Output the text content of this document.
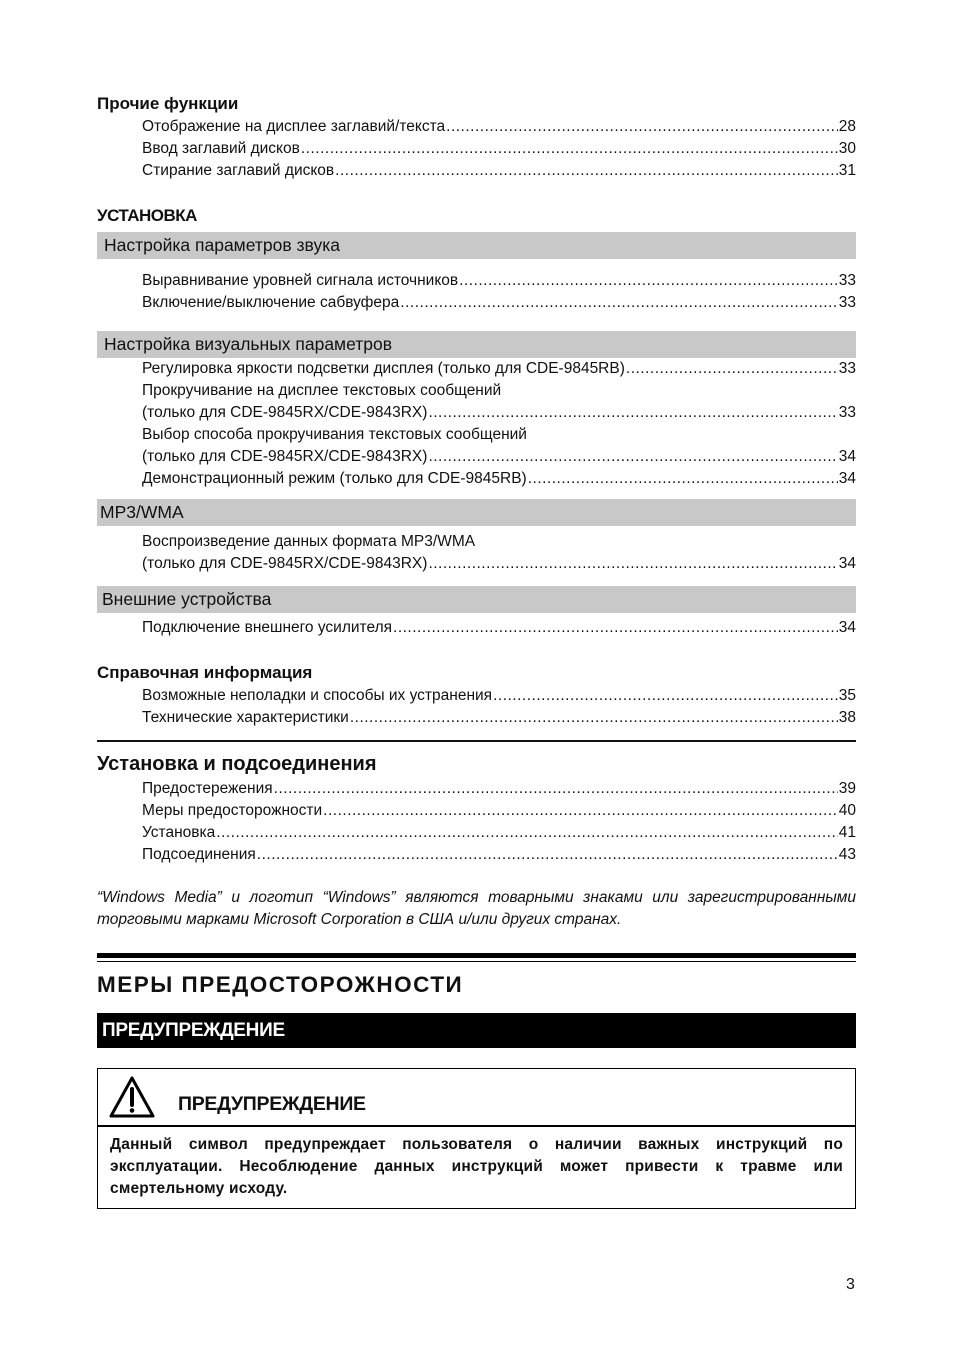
Прочие функции
Отображение на дисплее заглавий/текста .....	28
Ввод заглавий дисков .....	30
Стирание заглавий дисков .....	31
УСТАНОВКА
Настройка параметров звука
Выравнивание уровней сигнала источников .....	33
Включение/выключение сабвуфера .....	33
Настройка визуальных параметров
Регулировка яркости подсветки дисплея (только для CDE-9845RB) .....	33
Прокручивание на дисплее текстовых сообщений
(только для CDE-9845RX/CDE-9843RX) .....	33
Выбор способа прокручивания текстовых сообщений
(только для CDE-9845RX/CDE-9843RX) .....	34
Демонстрационный режим (только для CDE-9845RB) .....	34
MP3/WMA
Воспроизведение данных формата MP3/WMA
(только для CDE-9845RX/CDE-9843RX) .....	34
Внешние устройства
Подключение внешнего усилителя .....	34
Справочная информация
Возможные неполадки и способы их устранения .....	35
Технические характеристики .....	38
Установка и подсоединения
Предостережения .....	39
Меры предосторожности .....	40
Установка .....	41
Подсоединения .....	43

“Windows Media” и логотип “Windows” являются товарными знаками или зарегистрированными торговыми марками Microsoft Corporation в США и/или других странах.

МЕРЫ ПРЕДОСТОРОЖНОСТИ
ПРЕДУПРЕЖДЕНИЕ
ПРЕДУПРЕЖДЕНИЕ
Данный символ предупреждает пользователя о наличии важных инструкций по эксплуатации. Несоблюдение данных инструкций может привести к травме или смертельному исходу.
3
